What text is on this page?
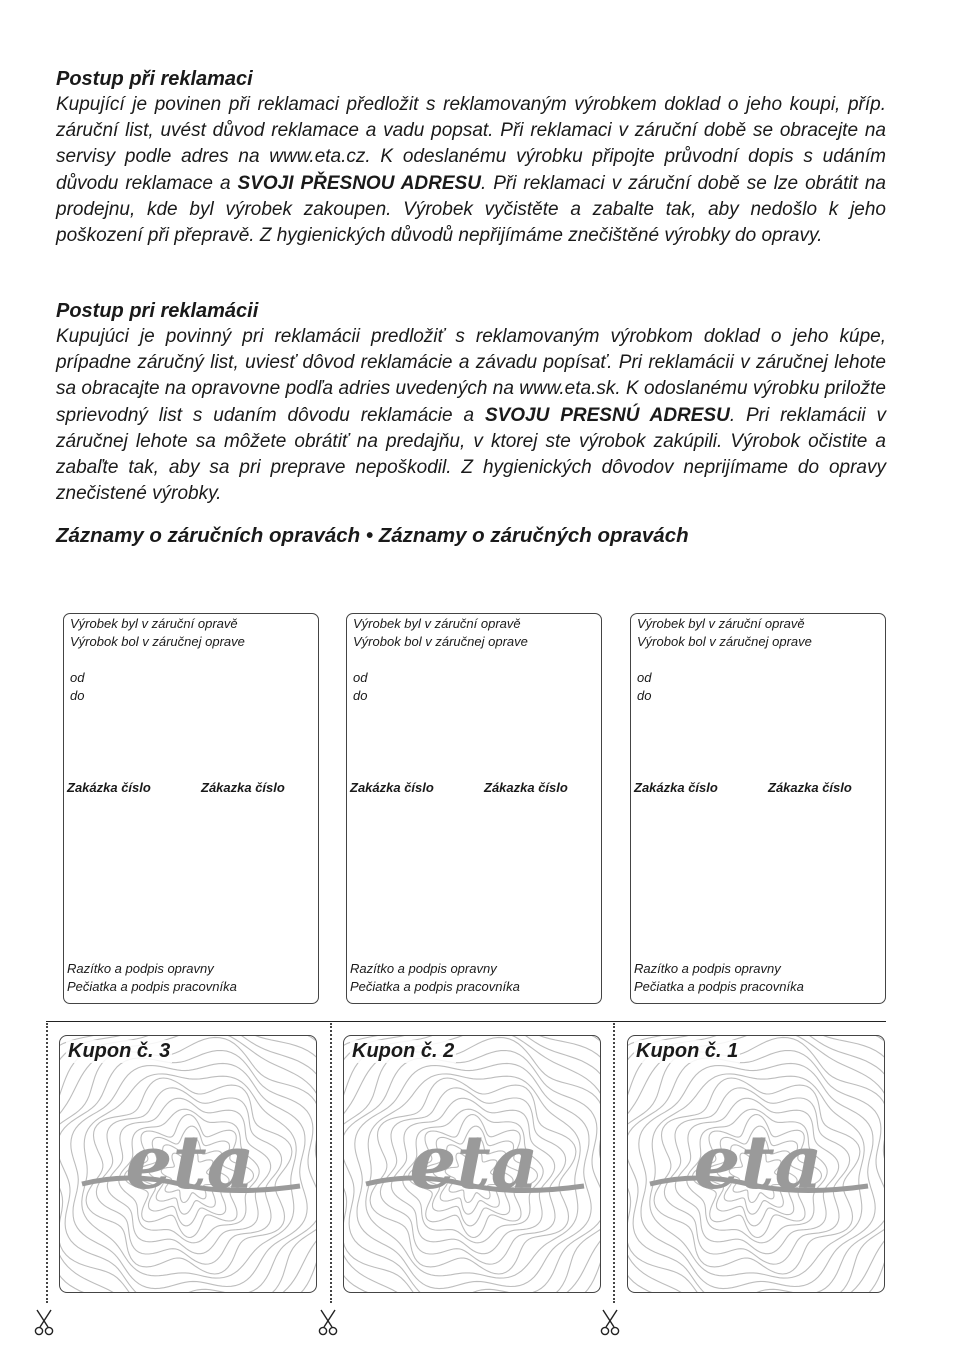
Postup při reklamaci

Kupující je povinen při reklamaci předložit s reklamovaným výrobkem doklad o jeho koupi, příp. záruční list, uvést důvod reklamace a vadu popsat. Při reklamaci v záruční době se obracejte na servisy podle adres na www.eta.cz. K odeslanému výrobku připojte průvodní dopis s udáním důvodu reklamace a SVOJI PŘESNOU ADRESU. Při reklamaci v záruční době se lze obrátit na prodejnu, kde byl výrobek zakoupen. Výrobek vyčistěte a zabalte tak, aby nedošlo k jeho poškození při přepravě. Z hygienických důvodů nepřijímáme znečištěné výrobky do opravy.

Postup pri reklamácii

Kupujúci je povinný pri reklamácii predložiť s reklamovaným výrobkom doklad o jeho kúpe, prípadne záručný list, uviesť dôvod reklamácie a závadu popísať. Pri reklamácii v záručnej lehote sa obracajte na opravovne podľa adries uvedených na www.eta.sk. K odoslanému výrobku priložte sprievodný list s udaním dôvodu reklamácie a SVOJU PRESNÚ ADRESU. Pri reklamácii v záručnej lehote sa môžete obrátiť na predajňu, v ktorej ste výrobok zakúpili. Výrobok očistite a zabaľte tak, aby sa pri preprave nepoškodil. Z hygienických dôvodov neprijímame do opravy znečistené výrobky.

Záznamy o záručních opravách • Záznamy o záručných opravách
Výrobek byl v záruční opravě
Výrobok bol v záručnej oprave
od
do
Zakázka číslo	Zákazka číslo
Razítko a podpis opravny
Pečiatka a podpis pracovníka
Výrobek byl v záruční opravě
Výrobok bol v záručnej oprave
od
do
Zakázka číslo	Zákazka číslo
Razítko a podpis opravny
Pečiatka a podpis pracovníka
Výrobek byl v záruční opravě
Výrobok bol v záručnej oprave
od
do
Zakázka číslo	Zákazka číslo
Razítko a podpis opravny
Pečiatka a podpis pracovníka
eta
Kupon č. 3
eta
Kupon č. 2
eta
Kupon č. 1
